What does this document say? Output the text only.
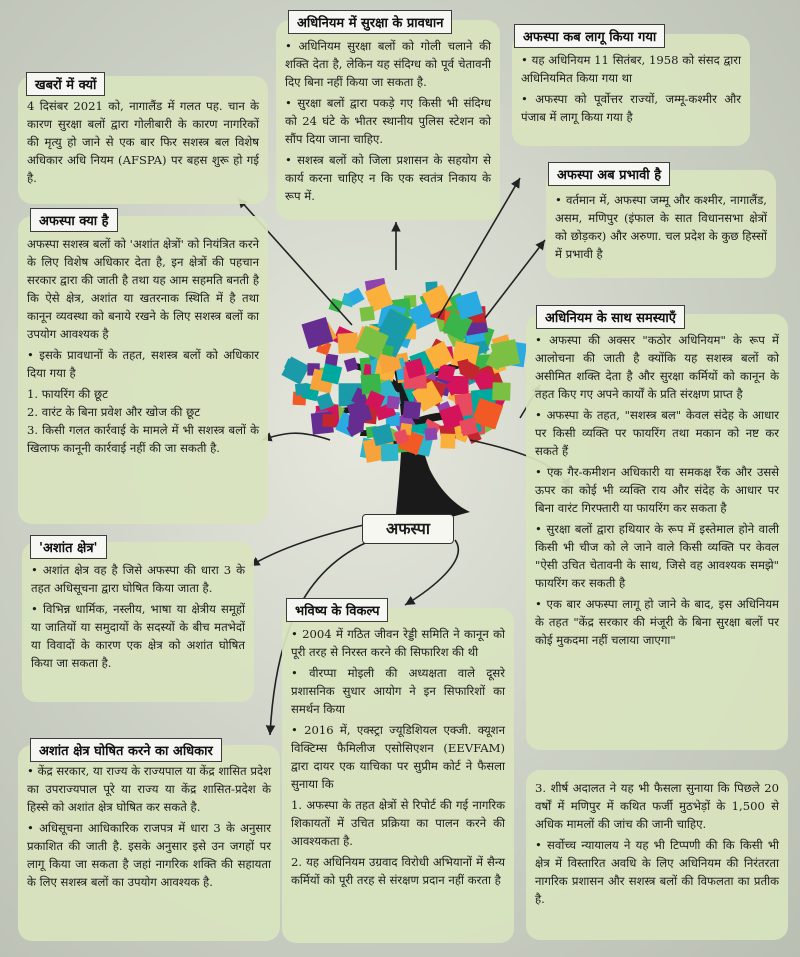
4 दिसंबर 2021 को, नागालैंड में गलत पह. चान के कारण सुरक्षा बलों द्वारा गोलीबारी के कारण नागरिकों की मृत्यु हो जाने से एक बार फिर सशस्त्र बल विशेष अधिकार अधि नियम (AFSPA) पर बहस शुरू हो गई है.

खबरों में क्यों

अफस्पा सशस्त्र बलों को 'अशांत क्षेत्रों' को नियंत्रित करने के लिए विशेष अधिकार देता है, इन क्षेत्रों की पहचान सरकार द्वारा की जाती है तथा यह आम सहमति बनती है कि ऐसे क्षेत्र, अशांत या खतरनाक स्थिति में है तथा कानून व्यवस्था को बनाये रखने के लिए सशस्त्र बलों का उपयोग आवश्यक है

• इसके प्रावधानों के तहत, सशस्त्र बलों को अधिकार दिया गया है

1. फायरिंग की छूट

2. वारंट के बिना प्रवेश और खोज की छूट

3. किसी गलत कार्रवाई के मामले में भी सशस्त्र बलों के खिलाफ कानूनी कार्रवाई नहीं की जा सकती है.

अफस्पा क्या है

• अशांत क्षेत्र वह है जिसे अफस्पा की धारा 3 के तहत अधिसूचना द्वारा घोषित किया जाता है.

• विभिन्न धार्मिक, नस्लीय, भाषा या क्षेत्रीय समूहों या जातियों या समुदायों के सदस्यों के बीच मतभेदों या विवादों के कारण एक क्षेत्र को अशांत घोषित किया जा सकता है.

'अशांत क्षेत्र'

• केंद्र सरकार, या राज्य के राज्यपाल या केंद्र शासित प्रदेश का उपराज्यपाल पूरे या राज्य या केंद्र शासित-प्रदेश के हिस्से को अशांत क्षेत्र घोषित कर सकते है.

• अधिसूचना आधिकारिक राजपत्र में धारा 3 के अनुसार प्रकाशित की जाती है. इसके अनुसार इसे उन जगहों पर लागू किया जा सकता है जहां नागरिक शक्ति की सहायता के लिए सशस्त्र बलों का उपयोग आवश्यक है.

अशांत क्षेत्र घोषित करने का अधिकार

• अधिनियम सुरक्षा बलों को गोली चलाने की शक्ति देता है, लेकिन यह संदिग्ध को पूर्व चेतावनी दिए बिना नहीं किया जा सकता है.

• सुरक्षा बलों द्वारा पकड़े गए किसी भी संदिग्ध को 24 घंटे के भीतर स्थानीय पुलिस स्टेशन को सौंप दिया जाना चाहिए.

• सशस्त्र बलों को जिला प्रशासन के सहयोग से कार्य करना चाहिए न कि एक स्वतंत्र निकाय के रूप में.

अधिनियम में सुरक्षा के प्रावधान

• यह अधिनियम 11 सितंबर, 1958 को संसद द्वारा अधिनियमित किया गया था

• अफस्पा को पूर्वोत्तर राज्यों, जम्मू-कश्मीर और पंजाब में लागू किया गया है

अफस्पा कब लागू किया गया

• वर्तमान में, अफस्पा जम्मू और कश्मीर, नागालैंड, असम, मणिपुर (इंफाल के सात विधानसभा क्षेत्रों को छोड़कर) और अरुणा. चल प्रदेश के कुछ हिस्सों में प्रभावी है

अफस्पा अब प्रभावी है

• अफस्पा की अक्सर "कठोर अधिनियम" के रूप में आलोचना की जाती है क्योंकि यह सशस्त्र बलों को असीमित शक्ति देता है और सुरक्षा कर्मियों को कानून के तहत किए गए अपने कार्यों के प्रति संरक्षण प्राप्त है

• अफस्पा के तहत, "सशस्त्र बल" केवल संदेह के आधार पर किसी व्यक्ति पर फायरिंग तथा मकान को नष्ट कर सकते हैं

• एक गैर-कमीशन अधिकारी या समकक्ष रैंक और उससे ऊपर का कोई भी व्यक्ति राय और संदेह के आधार पर बिना वारंट गिरफ्तारी या फायरिंग कर सकता है

• सुरक्षा बलों द्वारा हथियार के रूप में इस्तेमाल होने वाली किसी भी चीज को ले जाने वाले किसी व्यक्ति पर केवल "ऐसी उचित चेतावनी के साथ, जिसे वह आवश्यक समझे" फायरिंग कर सकती है

• एक बार अफस्पा लागू हो जाने के बाद, इस अधिनियम के तहत "केंद्र सरकार की मंजूरी के बिना सुरक्षा बलों पर कोई मुकदमा नहीं चलाया जाएगा"

अधिनियम के साथ समस्याएँ

• 2004 में गठित जीवन रेड्डी समिति ने कानून को पूरी तरह से निरस्त करने की सिफारिश की थी

• वीरप्पा मोइली की अध्यक्षता वाले दूसरे प्रशासनिक सुधार आयोग ने इन सिफारिशों का समर्थन किया

• 2016 में, एक्स्ट्रा ज्यूडिशियल एक्जी. क्यूशन विक्टिम्स फैमिलीज एसोसिएशन (EEVFAM) द्वारा दायर एक याचिका पर सुप्रीम कोर्ट ने फैसला सुनाया कि

1. अफस्पा के तहत क्षेत्रों से रिपोर्ट की गई नागरिक शिकायतों में उचित प्रक्रिया का पालन करने की आवश्यकता है.

2. यह अधिनियम उग्रवाद विरोधी अभियानों में सैन्य कर्मियों को पूरी तरह से संरक्षण प्रदान नहीं करता है

भविष्य के विकल्प

3. शीर्ष अदालत ने यह भी फैसला सुनाया कि पिछले 20 वर्षों में मणिपुर में कथित फर्जी मुठभेड़ों के 1,500 से अधिक मामलों की जांच की जानी चाहिए.

• सर्वोच्च न्यायालय ने यह भी टिप्पणी की कि किसी भी क्षेत्र में विस्तारित अवधि के लिए अधिनियम की निरंतरता नागरिक प्रशासन और सशस्त्र बलों की विफलता का प्रतीक है.

अफस्पा
